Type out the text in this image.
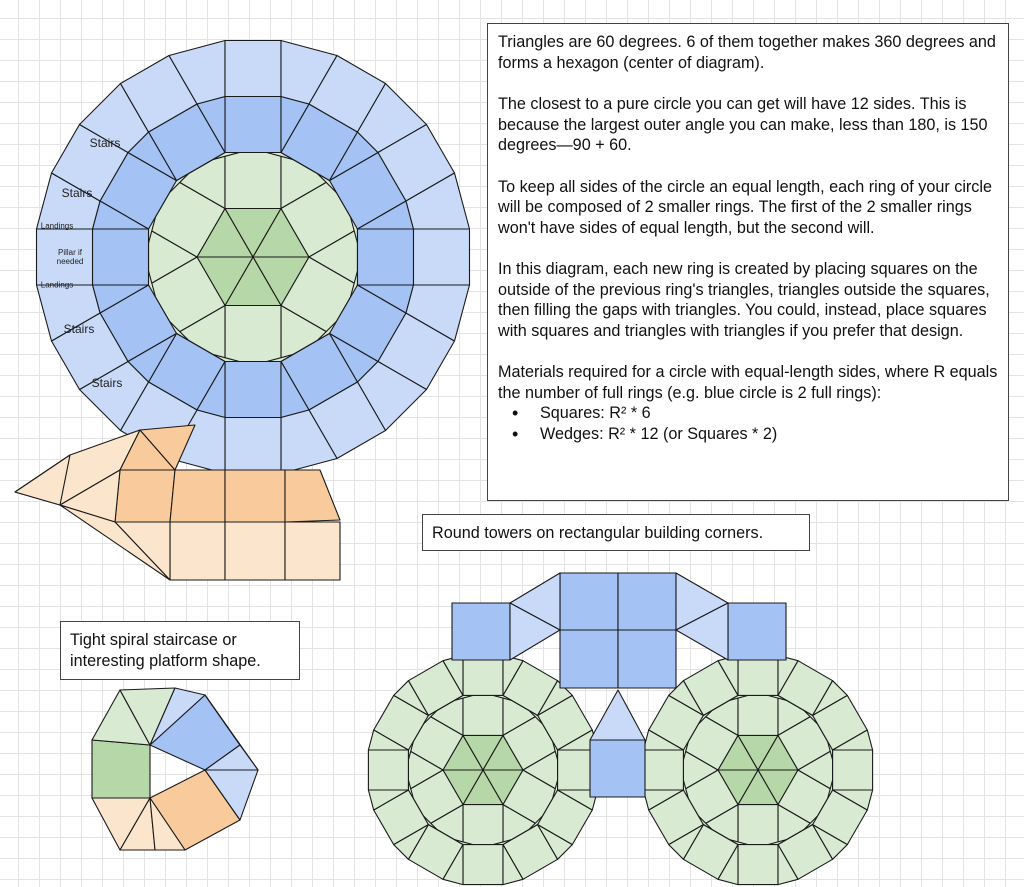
Triangles are 60 degrees. 6 of them together makes 360 degrees and forms a hexagon (center of diagram).

The closest to a pure circle you can get will have 12 sides. This is because the largest outer angle you can make, less than 180, is 150 degrees—90 + 60.

To keep all sides of the circle an equal length, each ring of your circle will be composed of 2 smaller rings. The first of the 2 smaller rings won't have sides of equal length, but the second will.

In this diagram, each new ring is created by placing squares on the outside of the previous ring's triangles, triangles outside the squares, then filling the gaps with triangles. You could, instead, place squares with squares and triangles with triangles if you prefer that design.

Materials required for a circle with equal-length sides, where R equals the number of full rings (e.g. blue circle is 2 full rings):

• Squares: R² * 6
• Wedges: R² * 12 (or Squares * 2)
Round towers on rectangular building corners.
Tight spiral staircase or interesting platform shape.
Stairs
Stairs
Landings
Pillar if needed
Landings
Stairs
Stairs
